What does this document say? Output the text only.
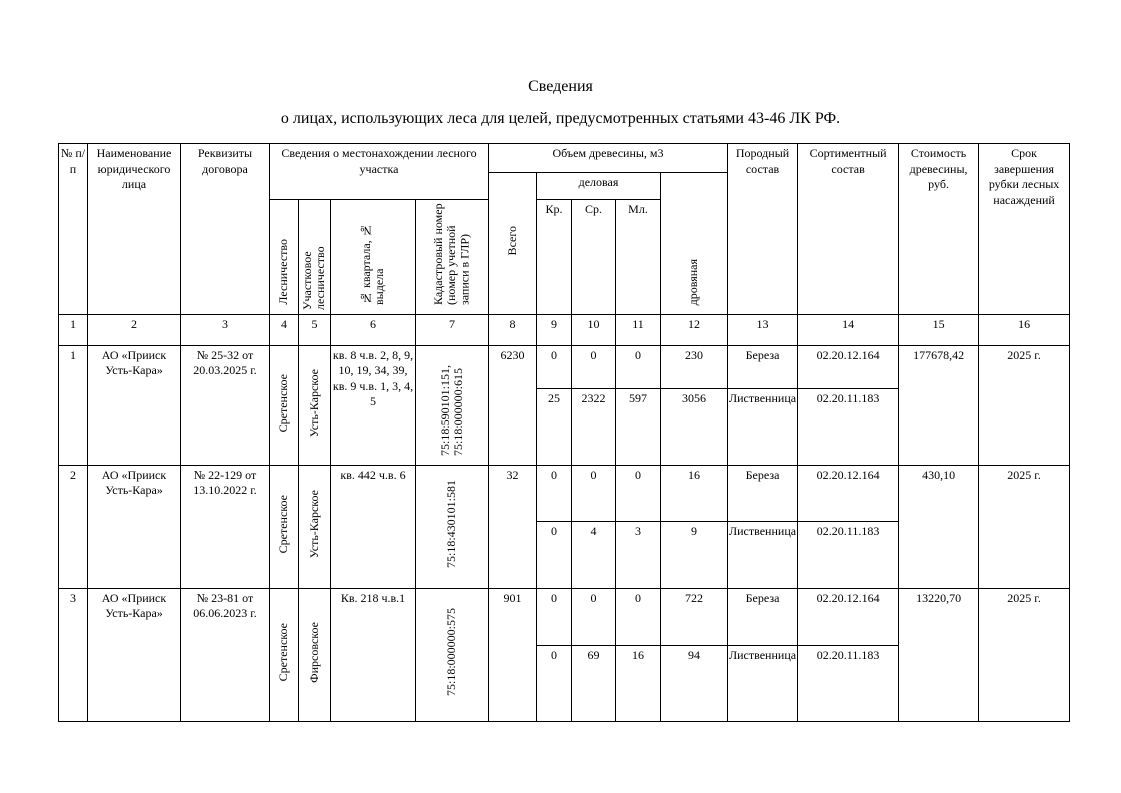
Сведения
о лицах, использующих леса для целей, предусмотренных статьями 43-46 ЛК РФ.
№ п/п	Наименование юридического лица	Реквизиты договора	Сведения о местонахождении лесного участка				Объем древесины, м3					Породный состав	Сортиментный состав	Стоимость древесины, руб.	Срок завершения рубки лесных насаждений
							Всего	деловая			дровяная				
			Лесничество	Участковое лесничество	№ квартала, № выдела	Кадастровый номер (номер учетной записи в ГЛР)		Кр.	Ср.	Мл.					

1	2	3	4	5	6	7	8	9	10	11	12	13	14	15	16
1	АО «Прииск Усть-Кара»	№ 25-32 от 20.03.2025 г.	Сретенское	Усть-Карское	кв. 8 ч.в. 2, 8, 9, 10, 19, 34, 39, кв. 9 ч.в. 1, 3, 4, 5	75:18:590101:151, 75:18:000000:615	6230	0	0	0	230	Береза	02.20.12.164	177678,42	2025 г.
								25	2322	597	3056	Лиственница	02.20.11.183		
2	АО «Прииск Усть-Кара»	№ 22-129 от 13.10.2022 г.	Сретенское	Усть-Карское	кв. 442 ч.в. 6	75:18:430101:581	32	0	0	0	16	Береза	02.20.12.164	430,10	2025 г.
								0	4	3	9	Лиственница	02.20.11.183		
3	АО «Прииск Усть-Кара»	№ 23-81 от 06.06.2023 г.	Сретенское	Фирсовское	Кв. 218 ч.в.1	75:18:000000:575	901	0	0	0	722	Береза	02.20.12.164	13220,70	2025 г.
								0	69	16	94	Лиственница	02.20.11.183		
